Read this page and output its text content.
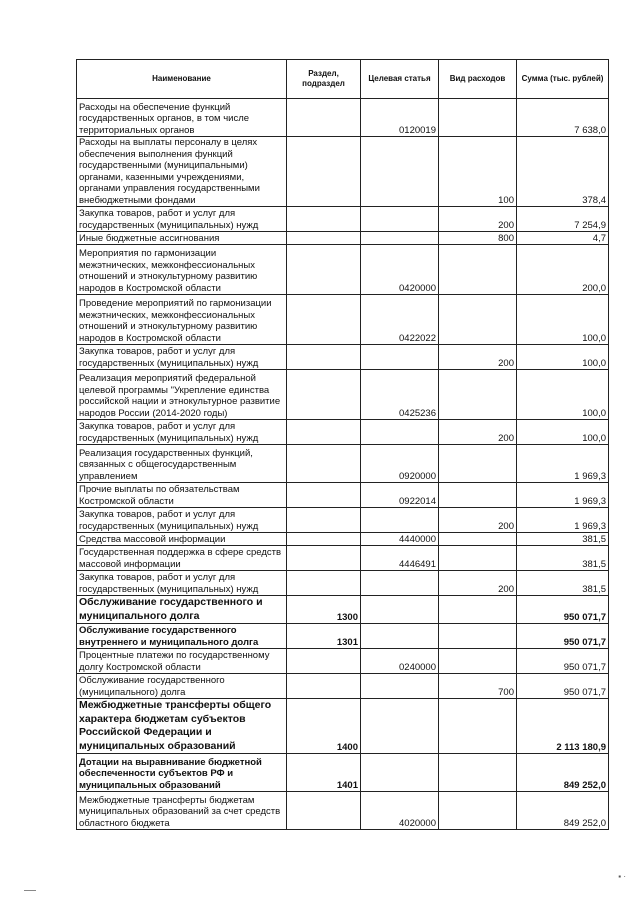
Наименование	Раздел, подраздел	Целевая статья	Вид расходов	Сумма (тыс. рублей)
Расходы на обеспечение функций государственных органов, в том числе территориальных органов		0120019		7 638,0
Расходы на выплаты персоналу в целях обеспечения выполнения функций государственными (муниципальными) органами, казенными учреждениями, органами управления государственными внебюджетными фондами			100	378,4
Закупка товаров, работ и услуг для государственных (муниципальных) нужд			200	7 254,9
Иные бюджетные ассигнования			800	4,7
Мероприятия по гармонизации межэтнических, межконфессиональных отношений и этнокультурному развитию народов в Костромской области		0420000		200,0
Проведение мероприятий по гармонизации межэтнических, межконфессиональных отношений и этнокультурному развитию народов в Костромской области		0422022		100,0
Закупка товаров, работ и услуг для государственных (муниципальных) нужд			200	100,0
Реализация мероприятий федеральной целевой программы "Укрепление единства российской нации и этнокультурное развитие народов России (2014-2020 годы)		0425236		100,0
Закупка товаров, работ и услуг для государственных (муниципальных) нужд			200	100,0
Реализация государственных функций, связанных с общегосударственным управлением		0920000		1 969,3
Прочие выплаты по обязательствам Костромской области		0922014		1 969,3
Закупка товаров, работ и услуг для государственных (муниципальных) нужд			200	1 969,3
Средства массовой информации		4440000		381,5
Государственная поддержка в сфере средств массовой информации		4446491		381,5
Закупка товаров, работ и услуг для государственных (муниципальных) нужд			200	381,5
Обслуживание государственного и муниципального долга	1300			950 071,7
Обслуживание государственного внутреннего и муниципального долга	1301			950 071,7
Процентные платежи по государственному долгу Костромской области		0240000		950 071,7
Обслуживание государственного (муниципального) долга			700	950 071,7
Межбюджетные трансферты общего характера бюджетам субъектов Российской Федерации и муниципальных образований	1400			2 113 180,9
Дотации на выравнивание бюджетной обеспеченности субъектов РФ и муниципальных образований	1401			849 252,0
Межбюджетные трансферты бюджетам муниципальных образований за счет средств областного бюджета		4020000		849 252,0
▪ ·
